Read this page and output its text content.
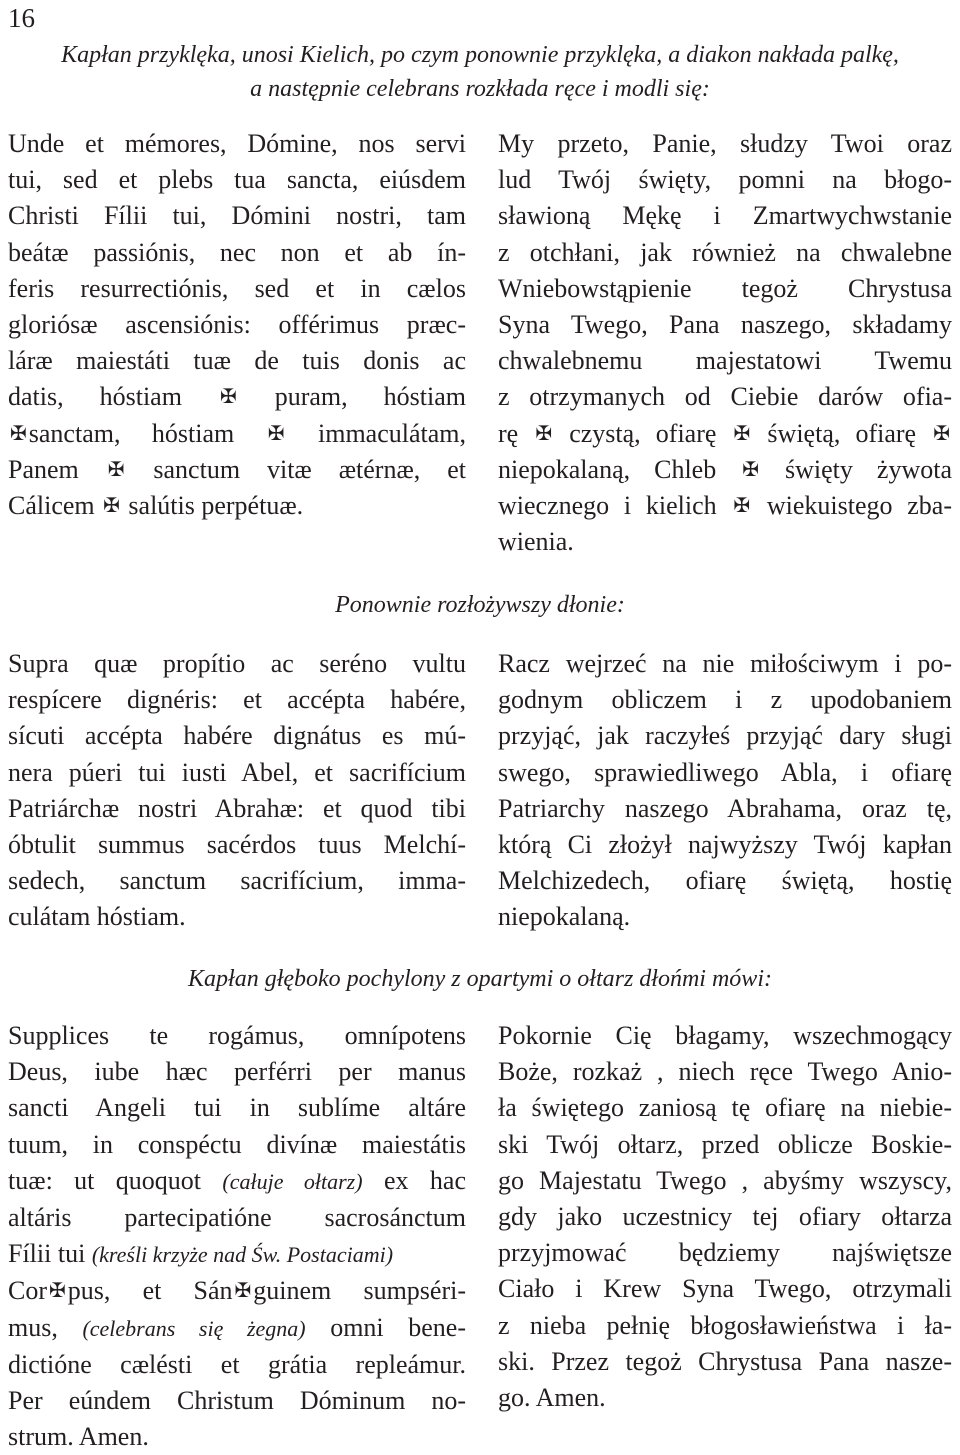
16
Kapłan przyklęka, unosi Kielich, po czym ponownie przyklęka, a diakon nakłada palkę,
a następnie celebrans rozkłada ręce i modli się:
Unde et mémores, Dómine, nos servi
tui, sed et plebs tua sancta, eiúsdem
Christi Fílii tui, Dómini nostri, tam
beátæ passiónis, nec non et ab ín-
feris resurrectiónis, sed et in cælos
gloriósæ ascensiónis: offérimus præc-
láræ maiestáti tuæ de tuis donis ac
datis, hóstiam ✠ puram, hóstiam
✠sanctam, hóstiam ✠ immaculátam,
Panem ✠ sanctum vitæ ætérnæ, et
Cálicem ✠ salútis perpétuæ.
My przeto, Panie, słudzy Twoi oraz
lud Twój święty, pomni na błogo-
sławioną Mękę i Zmartwychwstanie
z otchłani, jak również na chwalebne
Wniebowstąpienie tegoż Chrystusa
Syna Twego, Pana naszego, składamy
chwalebnemu majestatowi Twemu
z otrzymanych od Ciebie darów ofia-
rę ✠ czystą, ofiarę ✠ świętą, ofiarę ✠
niepokalaną, Chleb ✠ święty żywota
wiecznego i kielich ✠ wiekuistego zba-
wienia.
Ponownie rozłożywszy dłonie:
Supra quæ propítio ac seréno vultu
respícere dignéris: et accépta habére,
sícuti accépta habére dignátus es mú-
nera púeri tui iusti Abel, et sacrifícium
Patriárchæ nostri Abrahæ: et quod tibi
óbtulit summus sacérdos tuus Melchí-
sedech, sanctum sacrifícium, imma-
culátam hóstiam.
Racz wejrzeć na nie miłościwym i po-
godnym obliczem i z upodobaniem
przyjąć, jak raczyłeś przyjąć dary sługi
swego, sprawiedliwego Abla, i ofiarę
Patriarchy naszego Abrahama, oraz tę,
którą Ci złożył najwyższy Twój kapłan
Melchizedech, ofiarę świętą, hostię
niepokalaną.
Kapłan głęboko pochylony z opartymi o ołtarz dłońmi mówi:
Supplices te rogámus, omnípotens
Deus, iube hæc perférri per manus
sancti Angeli tui in sublíme altáre
tuum, in conspéctu divínæ maiestátis
tuæ: ut quoquot (całuje ołtarz) ex hac
altáris partecipatióne sacrosánctum
Fílii tui (kreśli krzyże nad Św. Postaciami)
Cor ✠pus, et Sán ✠guinem sumpséri-
mus, (celebrans się żegna) omni bene-
dictióne cælésti et grátia repleámur.
Per eúndem Christum Dóminum no-
strum. Amen.
Pokornie Cię błagamy, wszechmogący
Boże, rozkaż , niech ręce Twego Anio-
ła świętego zaniosą tę ofiarę na niebie-
ski Twój ołtarz, przed oblicze Boskie-
go Majestatu Twego , abyśmy wszyscy,
gdy jako uczestnicy tej ofiary ołtarza
przyjmować będziemy najświętsze
Ciało i Krew Syna Twego, otrzymali
z nieba pełnię błogosławieństwa i ła-
ski. Przez tegoż Chrystusa Pana nasze-
go. Amen.
